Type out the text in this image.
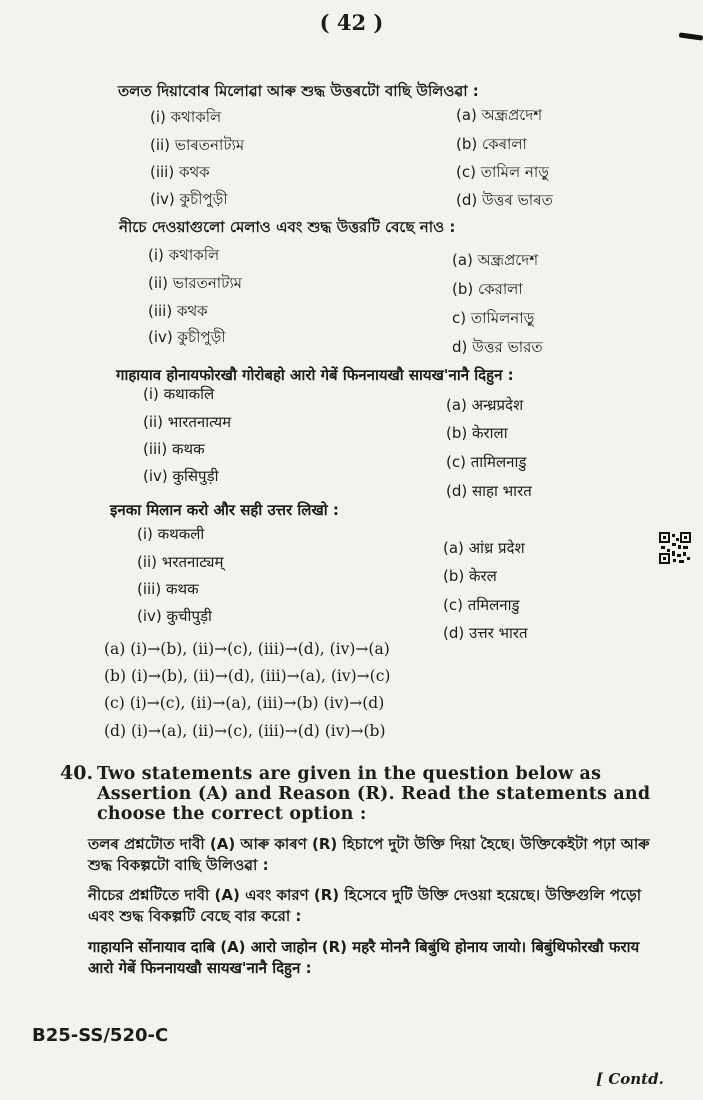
( 42 )
তলত দিয়াবোৰ মিলোৱা আৰু শুদ্ধ উত্তৰটো বাছি উলিওৱা :
(i) কথাকলি
(ii) ভাৰতনাট্যম
(iii) কথক
(iv) কুচীপুড়ী
(a) অন্ধ্ৰপ্ৰদেশ
(b) কেৰালা
(c) তামিল নাড়ু
(d) উত্তৰ ভাৰত
নীচে দেওয়াগুলো মেলাও এবং শুদ্ধ উত্তরটি বেছে নাও :
(i) কথাকলি
(ii) ভারতনাট্যম
(iii) কথক
(iv) কুচীপুড়ী
(a) অন্ধ্রপ্রদেশ
(b) কেরালা
c) তামিলনাড়ু
d) উত্তর ভারত
गाहायाव होनायफोरखौ गोरोबहो आरो गेबें फिननायखौ सायख'नानै दिहुन :
(i) कथाकलि
(ii) भारतनात्यम
(iii) कथक
(iv) कुसिपुड़ी
(a) अन्ध्रप्रदेश
(b) केराला
(c) तामिलनाडु
(d) साहा भारत
इनका मिलान करो और सही उत्तर लिखो :
(i) कथकली
(ii) भरतनाट्यम्
(iii) कथक
(iv) कुचीपुड़ी
(a) आंध्र प्रदेश
(b) केरल
(c) तमिलनाडु
(d) उत्तर भारत
(a) (i)→(b), (ii)→(c), (iii)→(d), (iv)→(a)
(b) (i)→(b), (ii)→(d), (iii)→(a), (iv)→(c)
(c) (i)→(c), (ii)→(a), (iii)→(b) (iv)→(d)
(d) (i)→(a), (ii)→(c), (iii)→(d) (iv)→(b)
40. Two statements are given in the question below as Assertion (A) and Reason (R). Read the statements and choose the correct option :
তলৰ প্ৰশ্নটোত দাবী (A) আৰু কাৰণ (R) হিচাপে দুটা উক্তি দিয়া হৈছে। উক্তিকেইটা পঢ়া আৰু শুদ্ধ বিকল্পটো বাছি উলিওৱা :
নীচের প্রশ্নটিতে দাবী (A) এবং কারণ (R) হিসেবে দুটি উক্তি দেওয়া হয়েছে। উক্তিগুলি পড়ো এবং শুদ্ধ বিকল্পটি বেছে বার করো :
गाहायनि सोंनायाव दाबि (A) आरो जाहोन (R) महरै मोननै बिबुंथि होनाय जायो। बिबुंथिफोरखौ फराय आरो गेबें फिननायखौ सायख'नानै दिहुन :
B25-SS/520-C
[ Contd.
